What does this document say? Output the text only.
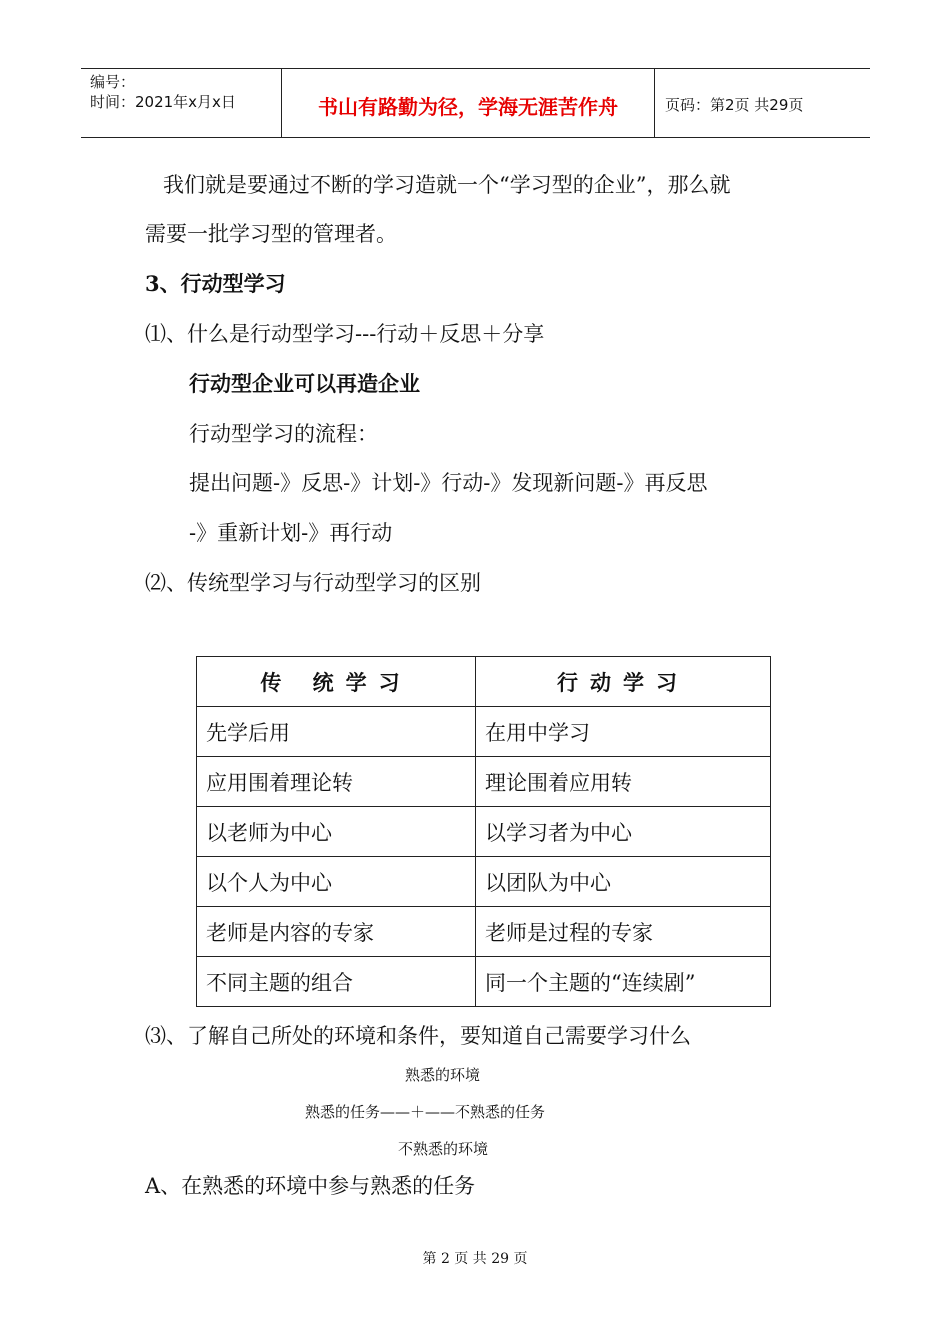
编号：
时间：2021年x月x日	书山有路勤为径，学海无涯苦作舟	页码：第2页 共29页
我们就是要通过不断的学习造就一个“学习型的企业”，那么就
需要一批学习型的管理者。
3、行动型学习
⑴、什么是行动型学习---行动＋反思＋分享
行动型企业可以再造企业
行动型学习的流程：
提出问题-》反思-》计划-》行动-》发现新问题-》再反思
-》重新计划-》再行动
⑵、传统型学习与行动型学习的区别
传 统学习	行动学习
先学后用	在用中学习
应用围着理论转	理论围着应用转
以老师为中心	以学习者为中心
以个人为中心	以团队为中心
老师是内容的专家	老师是过程的专家
不同主题的组合	同一个主题的“连续剧”
⑶、了解自己所处的环境和条件，要知道自己需要学习什么
熟悉的环境
熟悉的任务——＋——不熟悉的任务
不熟悉的环境
A、在熟悉的环境中参与熟悉的任务
第 2 页 共 29 页
